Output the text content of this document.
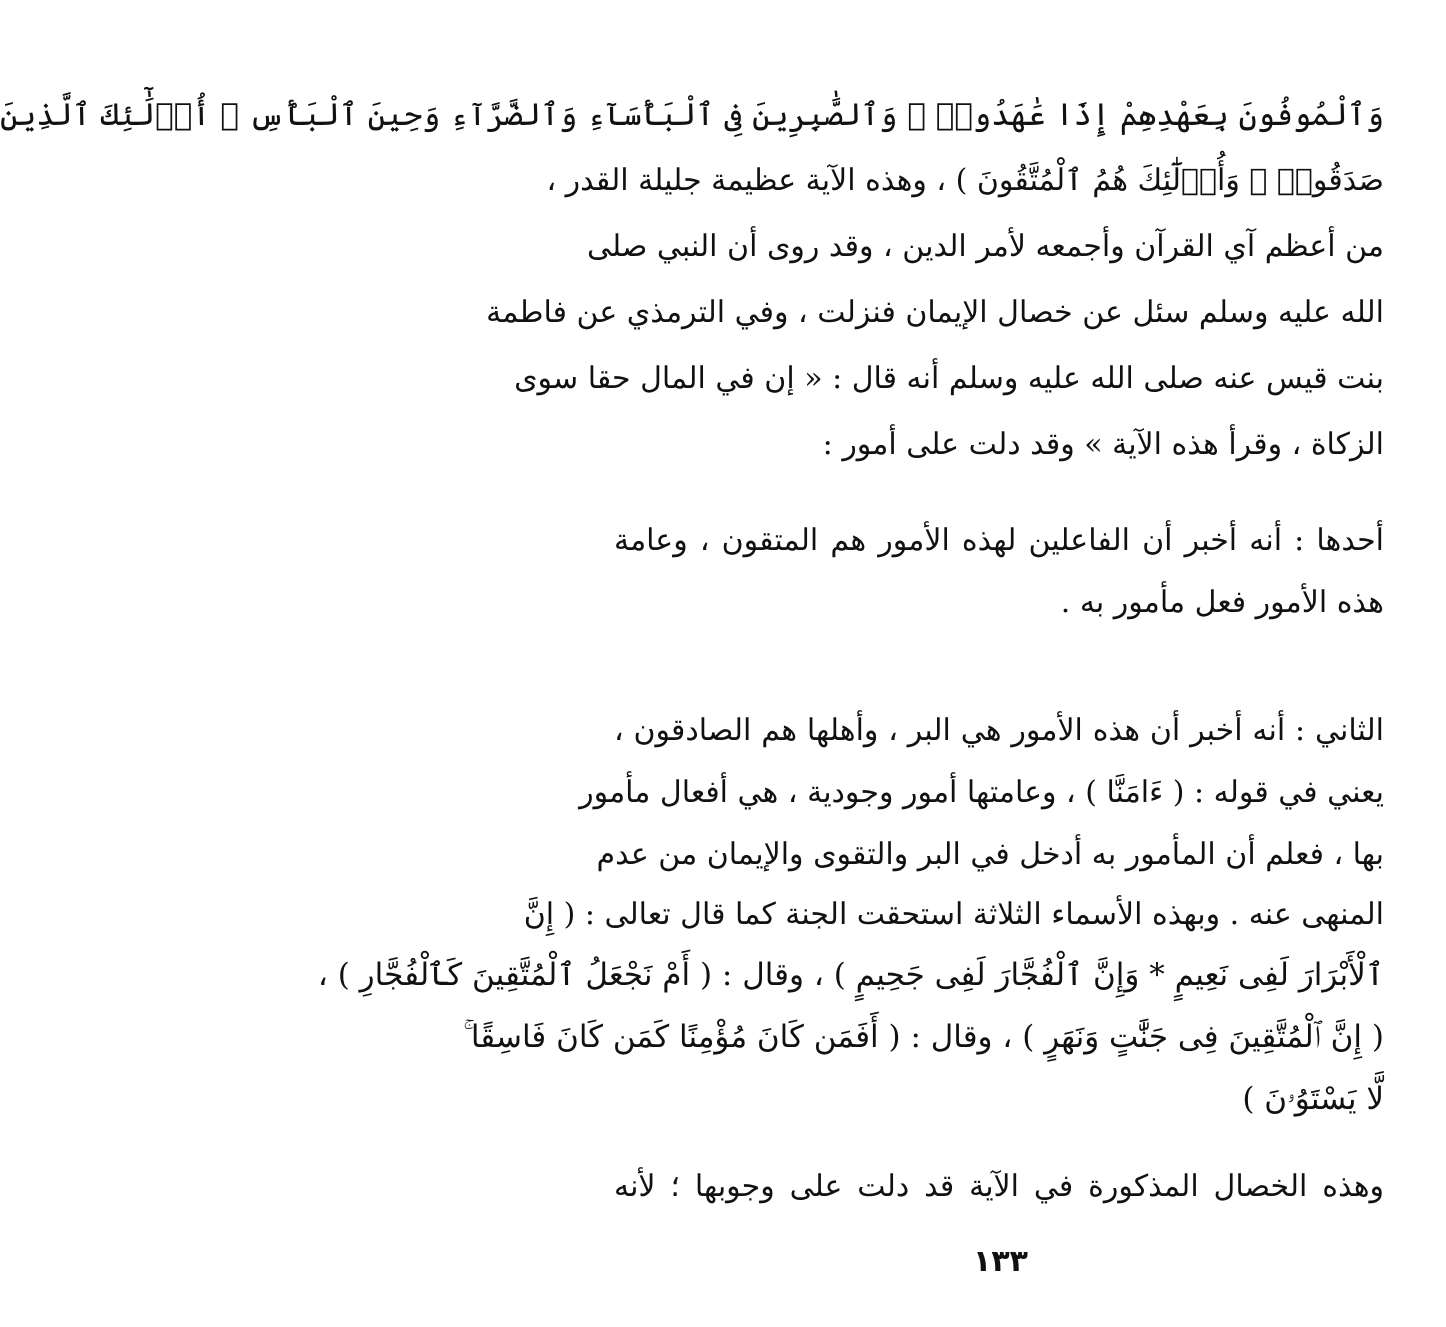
وَٱلْمُوفُونَ بِعَهْدِهِمْ إِذَا عَٰهَدُوا۟ ۖ وَٱلصَّٰبِرِينَ فِى ٱلْبَأْسَآءِ وَٱلضَّرَّآءِ وَحِينَ ٱلْبَأْسِ ۗ أُو۟لَٰٓئِكَ ٱلَّذِينَ
صَدَقُوا۟ ۖ وَأُو۟لَٰٓئِكَ هُمُ ٱلْمُتَّقُونَ ) ، وهذه الآية عظيمة جليلة القدر ،
من أعظم آي القرآن وأجمعه لأمر الدين ، وقد روى أن النبي صلى
الله عليه وسلم سئل عن خصال الإيمان فنزلت ، وفي الترمذي عن فاطمة
بنت قيس عنه صلى الله عليه وسلم أنه قال : « إن في المال حقا سوى
الزكاة ، وقرأ هذه الآية » وقد دلت على أمور :
أحدها : أنه أخبر أن الفاعلين لهذه الأمور هم المتقون ، وعامة
هذه الأمور فعل مأمور به .
الثاني : أنه أخبر أن هذه الأمور هي البر ، وأهلها هم الصادقون ،
يعني في قوله : ( ءَامَنَّا ) ، وعامتها أمور وجودية ، هي أفعال مأمور
بها ، فعلم أن المأمور به أدخل في البر والتقوى والإيمان من عدم
المنهى عنه . وبهذه الأسماء الثلاثة استحقت الجنة كما قال تعالى : ( إِنَّ
ٱلْأَبْرَارَ لَفِى نَعِيمٍ * وَإِنَّ ٱلْفُجَّارَ لَفِى جَحِيمٍ ) ، وقال : ( أَمْ نَجْعَلُ ٱلْمُتَّقِينَ كَٱلْفُجَّارِ ) ،
( إِنَّ ٱلْمُتَّقِينَ فِى جَنَّٰتٍ وَنَهَرٍ ) ، وقال : ( أَفَمَن كَانَ مُؤْمِنًا كَمَن كَانَ فَاسِقًا ۚ
لَّا يَسْتَوُۥنَ )
وهذه الخصال المذكورة في الآية قد دلت على وجوبها ؛ لأنه
١٣٣
